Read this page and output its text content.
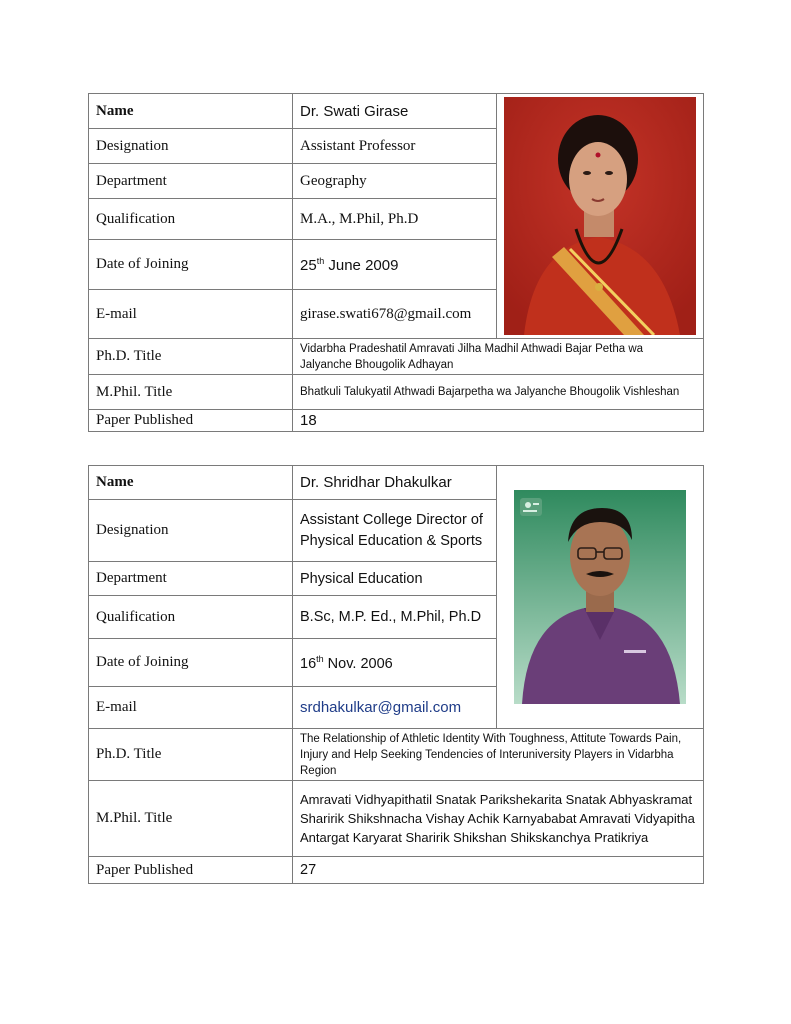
Name	Dr. Swati Girase	

Designation	Assistant Professor	
Department	Geography	
Qualification	M.A., M.Phil, Ph.D	
Date of Joining	25th June 2009	
E-mail	girase.swati678@gmail.com	
Ph.D. Title	Vidarbha Pradeshatil Amravati Jilha Madhil Athwadi Bajar Petha wa Jalyanche Bhougolik Adhayan	
M.Phil. Title	Bhatkuli Talukyatil Athwadi Bajarpetha wa Jalyanche Bhougolik Vishleshan	
Paper Published	18	
Name	Dr. Shridhar Dhakulkar	

Designation	Assistant College Director of Physical Education & Sports	
Department	Physical Education	
Qualification	B.Sc, M.P. Ed., M.Phil, Ph.D	
Date of Joining	16th Nov. 2006	
E-mail	srdhakulkar@gmail.com	
Ph.D. Title	The Relationship of Athletic Identity With Toughness, Attitute Towards Pain, Injury and Help Seeking Tendencies of Interuniversity Players in Vidarbha Region	
M.Phil. Title	Amravati Vidhyapithatil Snatak Parikshekarita Snatak Abhyaskramat Sharirik Shikshnacha Vishay Achik Karnyababat Amravati Vidyapitha Antargat Karyarat Sharirik Shikshan Shikskanchya Pratikriya	
Paper Published	27	
